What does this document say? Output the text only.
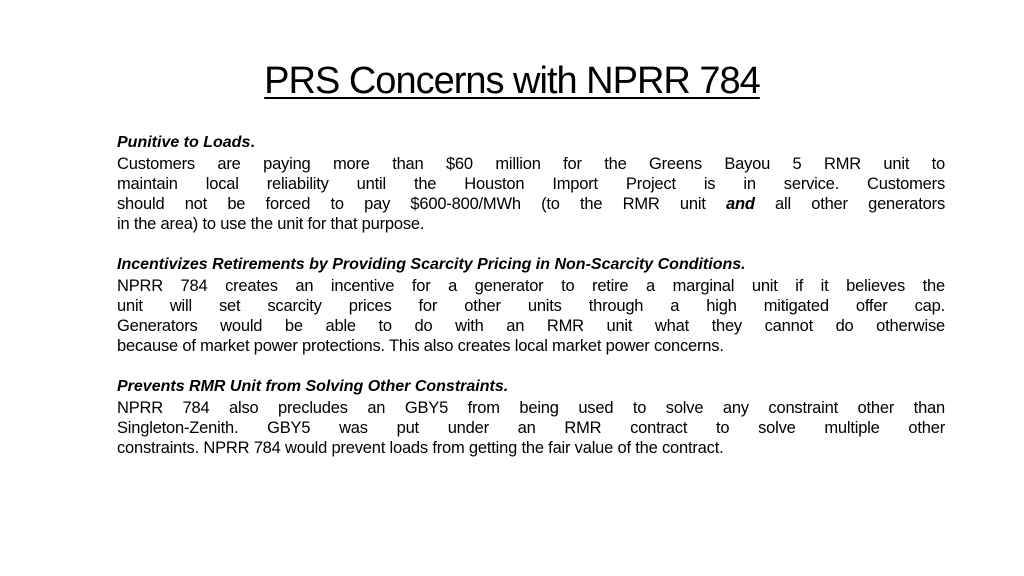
PRS Concerns with NPRR 784
Punitive to Loads.
Customers are paying more than $60 million for the Greens Bayou 5 RMR unit to
maintain local reliability until the Houston Import Project is in service. Customers
should not be forced to pay $600-800/MWh (to the RMR unit and all other generators
in the area) to use the unit for that purpose.
Incentivizes Retirements by Providing Scarcity Pricing in Non-Scarcity Conditions.
NPRR 784 creates an incentive for a generator to retire a marginal unit if it believes the
unit will set scarcity prices for other units through a high mitigated offer cap.
Generators would be able to do with an RMR unit what they cannot do otherwise
because of market power protections. This also creates local market power concerns.
Prevents RMR Unit from Solving Other Constraints.
NPRR 784 also precludes an GBY5 from being used to solve any constraint other than
Singleton-Zenith. GBY5 was put under an RMR contract to solve multiple other
constraints. NPRR 784 would prevent loads from getting the fair value of the contract.
